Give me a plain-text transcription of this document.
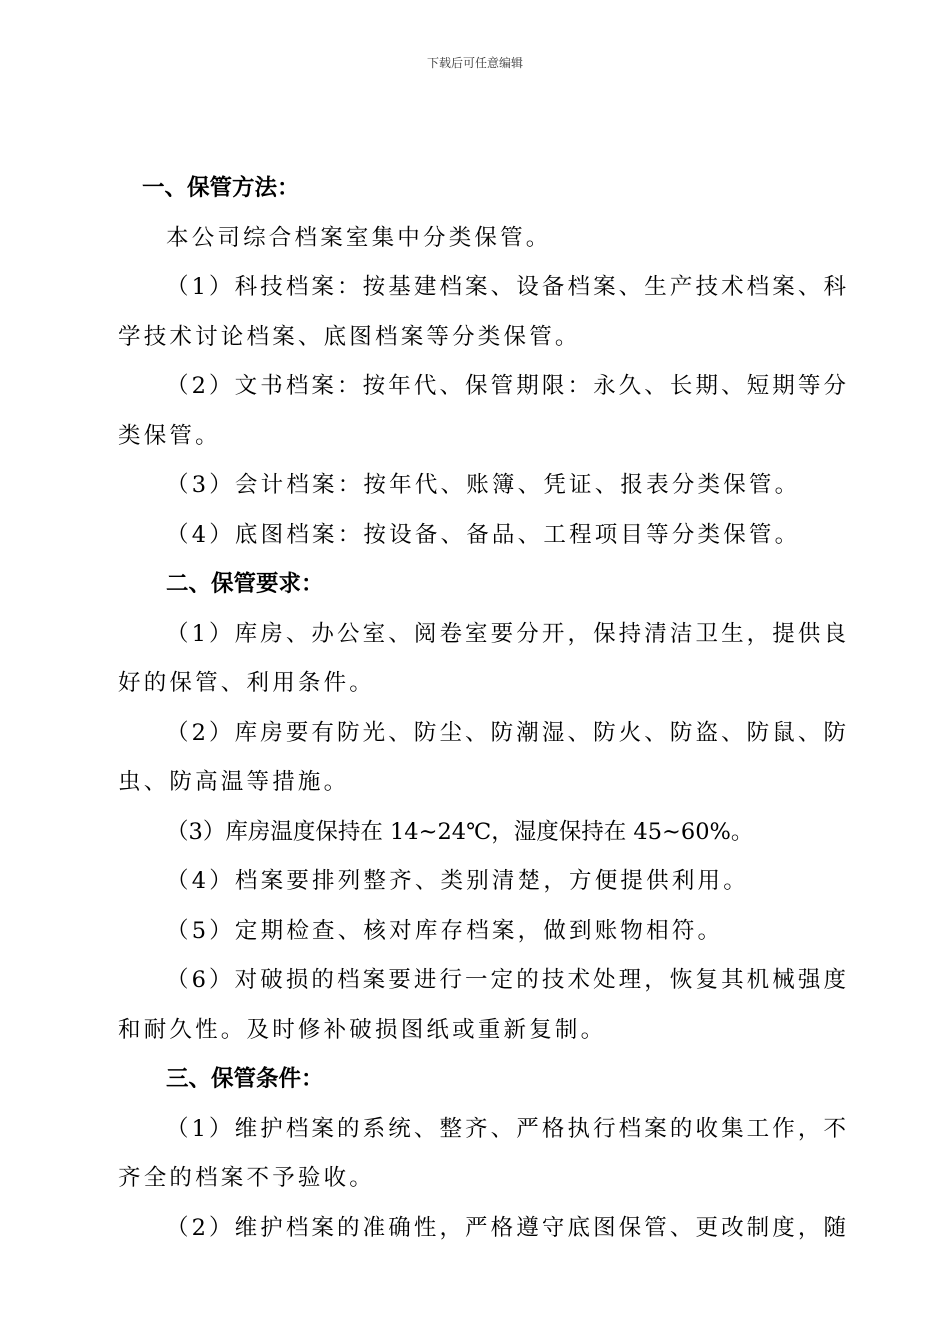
下载后可任意编辑
一、保管方法：
本公司综合档案室集中分类保管。
（1）科技档案：按基建档案、设备档案、生产技术档案、科
学技术讨论档案、底图档案等分类保管。
（2）文书档案：按年代、保管期限：永久、长期、短期等分
类保管。
（3）会计档案：按年代、账簿、凭证、报表分类保管。
（4）底图档案：按设备、备品、工程项目等分类保管。
二、保管要求：
（1）库房、办公室、阅卷室要分开，保持清洁卫生，提供良
好的保管、利用条件。
（2）库房要有防光、防尘、防潮湿、防火、防盗、防鼠、防
虫、防高温等措施。
（3）库房温度保持在 14~24℃，湿度保持在 45~60%。
（4）档案要排列整齐、类别清楚，方便提供利用。
（5）定期检查、核对库存档案，做到账物相符。
（6）对破损的档案要进行一定的技术处理，恢复其机械强度
和耐久性。及时修补破损图纸或重新复制。
三、保管条件：
（1）维护档案的系统、整齐、严格执行档案的收集工作，不
齐全的档案不予验收。
（2）维护档案的准确性，严格遵守底图保管、更改制度，随
